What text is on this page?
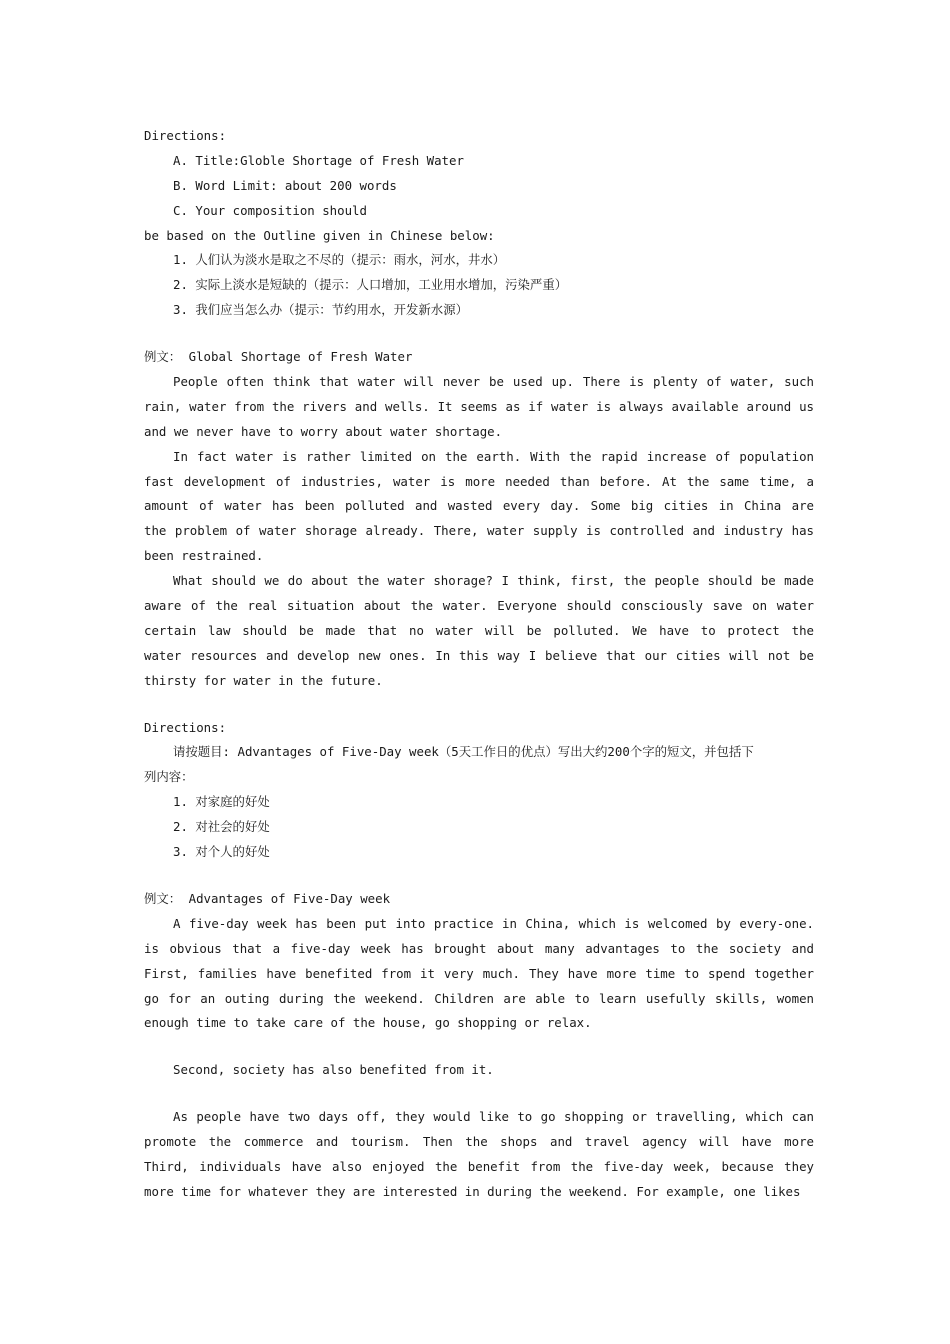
Directions:
A. Title:Globle Shortage of Fresh Water
B. Word Limit: about 200 words
C. Your composition should
be based on the Outline given in Chinese below:
1. 人们认为淡水是取之不尽的（提示：雨水，河水，井水）
2. 实际上淡水是短缺的（提示：人口增加，工业用水增加，污染严重）
3. 我们应当怎么办（提示：节约用水，开发新水源）
例文： Global Shortage of Fresh Water
People often think that water will never be used up. There is plenty of water, such
rain, water from the rivers and wells. It seems as if water is always available around us
and we never have to worry about water shortage.
In fact water is rather limited on the earth. With the rapid increase of population
fast development of industries, water is more needed than before. At the same time, a
amount of water has been polluted and wasted every day. Some big cities in China are
the problem of water shorage already. There, water supply is controlled and industry has
been restrained.
What should we do about the water shorage? I think, first, the people should be made
aware of the real situation about the water. Everyone should consciously save on water
certain law should be made that no water will be polluted. We have to protect the
water resources and develop new ones. In this way I believe that our cities will not be
thirsty for water in the future.
Directions:
请按题目: Advantages of Five-Day week（5天工作日的优点）写出大约200个字的短文，并包括下
列内容：
1. 对家庭的好处
2. 对社会的好处
3. 对个人的好处
例文： Advantages of Five-Day week
A five-day week has been put into practice in China, which is welcomed by every-one.
is obvious that a five-day week has brought about many advantages to the society and
First, families have benefited from it very much. They have more time to spend together
go for an outing during the weekend. Children are able to learn usefully skills, women
enough time to take care of the house, go shopping or relax.
Second, society has also benefited from it.
As people have two days off, they would like to go shopping or travelling, which can
promote the commerce and tourism. Then the shops and travel agency will have more
Third, individuals have also enjoyed the benefit from the five-day week, because they
more time for whatever they are interested in during the weekend. For example, one likes
